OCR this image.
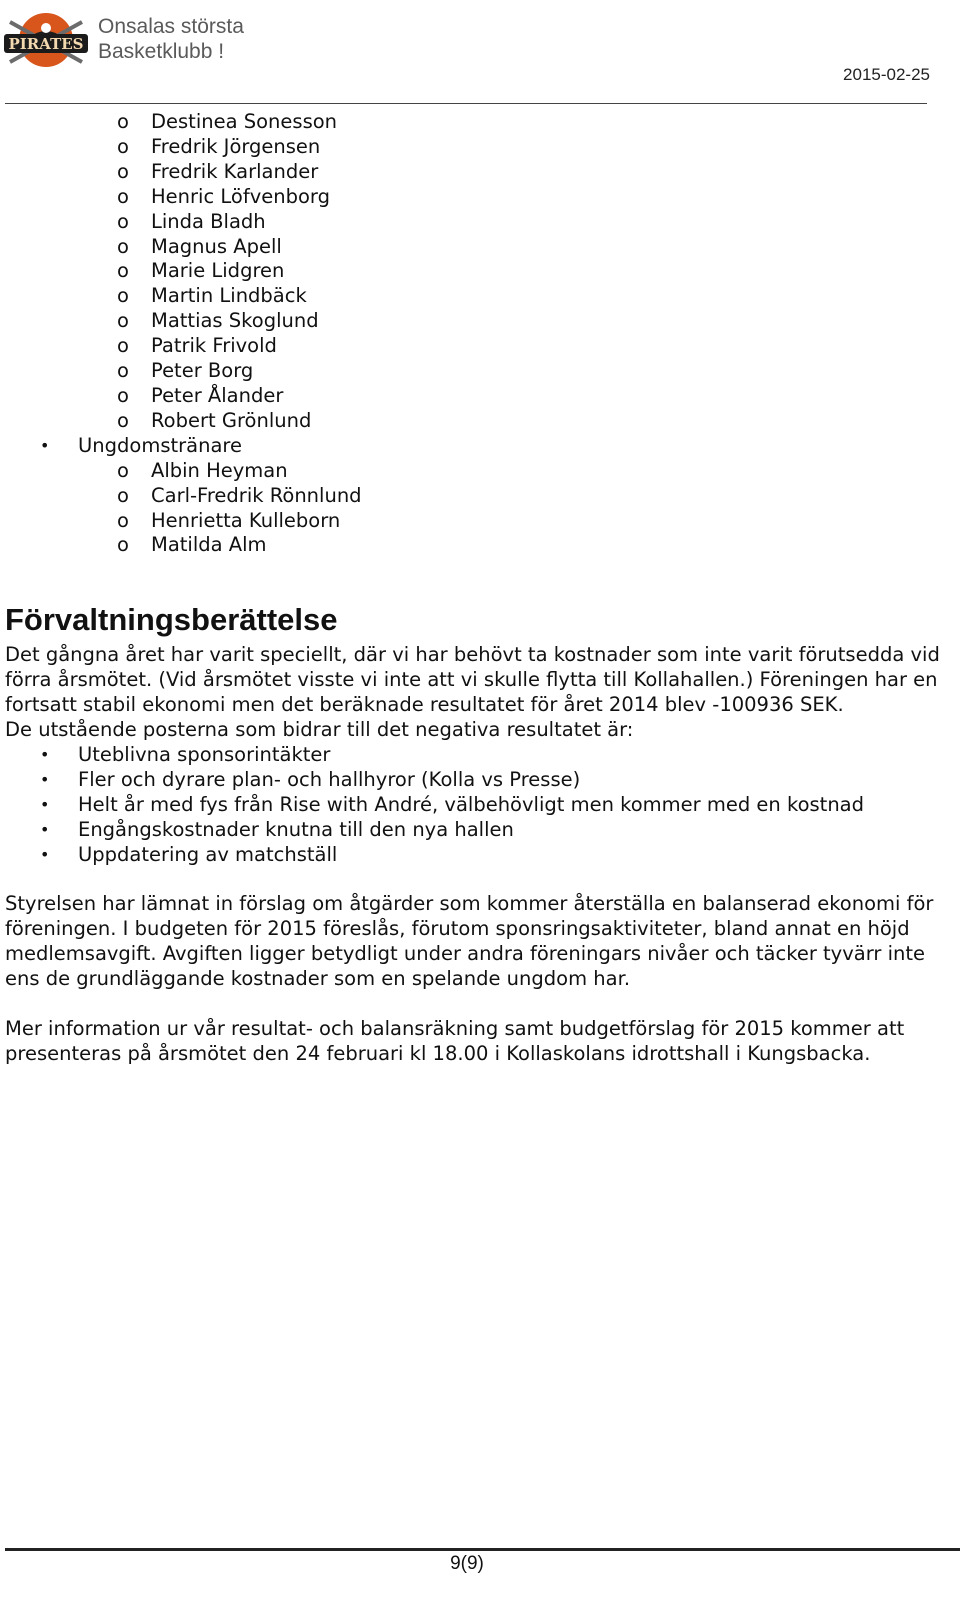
PIRATES
Onsalas största
Basketklubb !
2015-02-25
o Destinea Sonesson
o Fredrik Jörgensen
o Fredrik Karlander
o Henric Löfvenborg
o Linda Bladh
o Magnus Apell
o Marie Lidgren
o Martin Lindbäck
o Mattias Skoglund
o Patrik Frivold
o Peter Borg
o Peter Ålander
o Robert Grönlund
• Ungdomstränare
o Albin Heyman
o Carl-Fredrik Rönnlund
o Henrietta Kulleborn
o Matilda Alm
Förvaltningsberättelse

Det gångna året har varit speciellt, där vi har behövt ta kostnader som inte varit förutsedda vid förra årsmötet. (Vid årsmötet visste vi inte att vi skulle flytta till Kollahallen.) Föreningen har en fortsatt stabil ekonomi men det beräknade resultatet för året 2014 blev -100936 SEK.

De utstående posterna som bidrar till det negativa resultatet är:

• Uteblivna sponsorintäkter
• Fler och dyrare plan- och hallhyror (Kolla vs Presse)
• Helt år med fys från Rise with André, välbehövligt men kommer med en kostnad
• Engångskostnader knutna till den nya hallen
• Uppdatering av matchställ

Styrelsen har lämnat in förslag om åtgärder som kommer återställa en balanserad ekonomi för föreningen. I budgeten för 2015 föreslås, förutom sponsringsaktiviteter, bland annat en höjd medlemsavgift. Avgiften ligger betydligt under andra föreningars nivåer och täcker tyvärr inte ens de grundläggande kostnader som en spelande ungdom har.

Mer information ur vår resultat- och balansräkning samt budgetförslag för 2015 kommer att presenteras på årsmötet den 24 februari kl 18.00 i Kollaskolans idrottshall i Kungsbacka.

9(9)
